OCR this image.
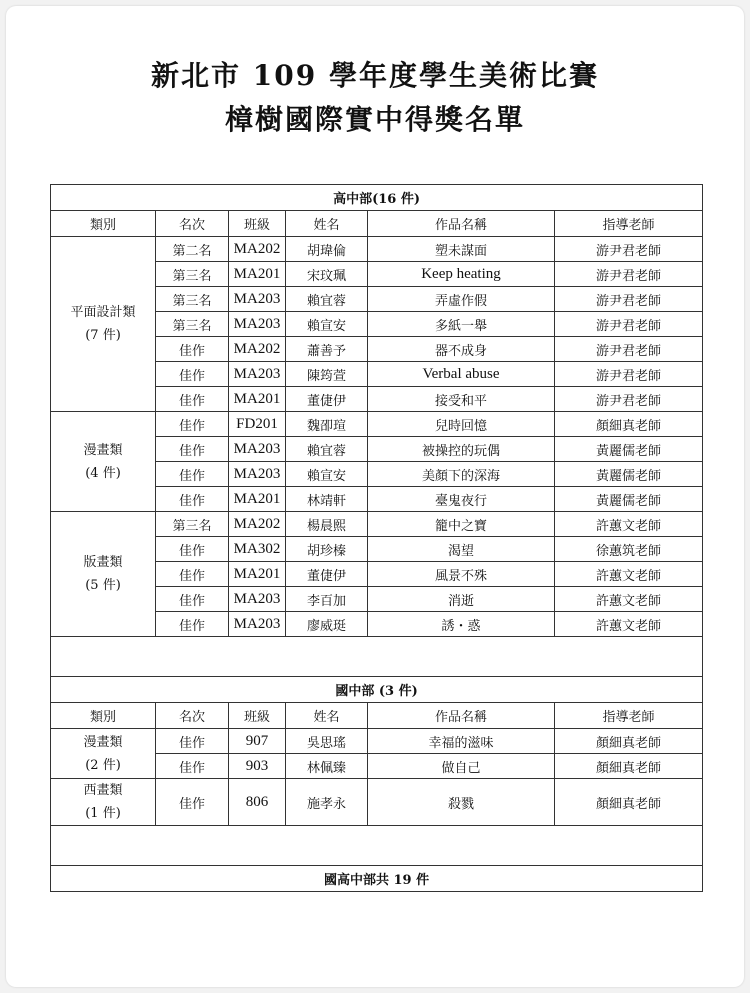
新北市 109 學年度學生美術比賽
樟樹國際實中得獎名單
高中部(16 件)					
類別	名次	班級	姓名	作品名稱	指導老師

平面設計類
(7 件)	第二名	MA202	胡瑋倫	塑未謀面	游尹君老師
	第三名	MA201	宋玟珮	Keep heating	游尹君老師
	第三名	MA203	賴宜蓉	弄虛作假	游尹君老師
	第三名	MA203	賴宣安	多紙一舉	游尹君老師
	佳作	MA202	蕭善予	器不成身	游尹君老師
	佳作	MA203	陳筠萱	Verbal abuse	游尹君老師
	佳作	MA201	董倢伊	接受和平	游尹君老師

漫畫類
(4 件)	佳作	FD201	魏卲瑄	兒時回憶	顏細真老師
	佳作	MA203	賴宜蓉	被操控的玩偶	黃麗儒老師
	佳作	MA203	賴宣安	美顏下的深海	黃麗儒老師
	佳作	MA201	林靖軒	臺鬼夜行	黃麗儒老師

版畫類
(5 件)	第三名	MA202	楊晨熙	籠中之寶	許蕙文老師
	佳作	MA302	胡珍榛	渴望	徐蕙筑老師
	佳作	MA201	董倢伊	風景不殊	許蕙文老師
	佳作	MA203	李百加	消逝	許蕙文老師
	佳作	MA203	廖威珽	誘・惑	許蕙文老師

國中部 (3 件)					
類別	名次	班級	姓名	作品名稱	指導老師

漫畫類
(2 件)	佳作	907	吳思瑤	幸福的滋味	顏細真老師
	佳作	903	林佩臻	做自己	顏細真老師

西畫類
(1 件)	佳作	806	施孝永	殺戮	顏細真老師

國高中部共 19 件					
